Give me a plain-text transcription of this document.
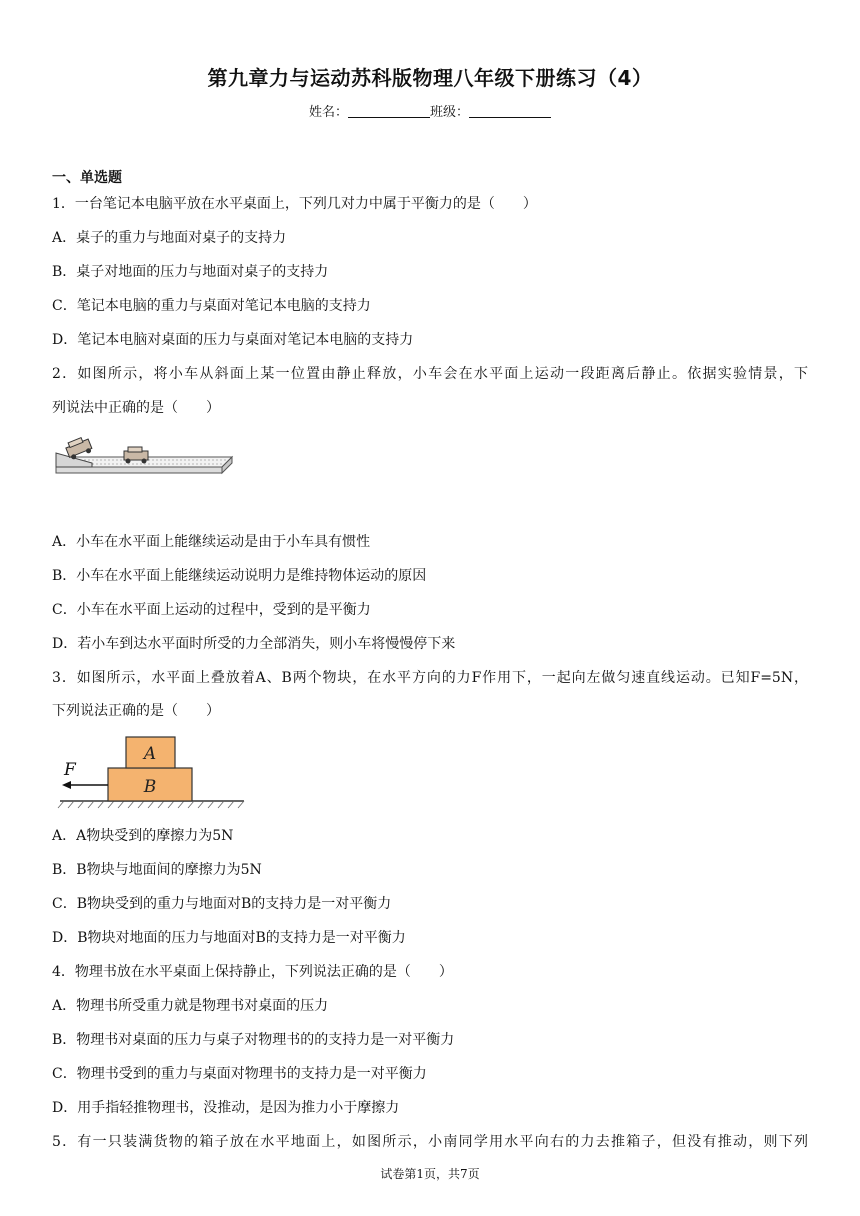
第九章力与运动苏科版物理八年级下册练习（4）
姓名：	班级：
一、单选题
1．一台笔记本电脑平放在水平桌面上，下列几对力中属于平衡力的是（　　）
A．桌子的重力与地面对桌子的支持力
B．桌子对地面的压力与地面对桌子的支持力
C．笔记本电脑的重力与桌面对笔记本电脑的支持力
D．笔记本电脑对桌面的压力与桌面对笔记本电脑的支持力
2．如图所示，将小车从斜面上某一位置由静止释放，小车会在水平面上运动一段距离后静止。依据实验情景，下
列说法中正确的是（　　）
A．小车在水平面上能继续运动是由于小车具有惯性
B．小车在水平面上能继续运动说明力是维持物体运动的原因
C．小车在水平面上运动的过程中，受到的是平衡力
D．若小车到达水平面时所受的力全部消失，则小车将慢慢停下来
3．如图所示，水平面上叠放着A、B两个物块，在水平方向的力F作用下，一起向左做匀速直线运动。已知F=5N，
下列说法正确的是（　　）
B
A
F
A．A物块受到的摩擦力为5N
B．B物块与地面间的摩擦力为5N
C．B物块受到的重力与地面对B的支持力是一对平衡力
D．B物块对地面的压力与地面对B的支持力是一对平衡力
4．物理书放在水平桌面上保持静止，下列说法正确的是（　　）
A．物理书所受重力就是物理书对桌面的压力
B．物理书对桌面的压力与桌子对物理书的的支持力是一对平衡力
C．物理书受到的重力与桌面对物理书的支持力是一对平衡力
D．用手指轻推物理书，没推动，是因为推力小于摩擦力
5．有一只装满货物的箱子放在水平地面上，如图所示，小南同学用水平向右的力去推箱子，但没有推动，则下列
试卷第1页，共7页
